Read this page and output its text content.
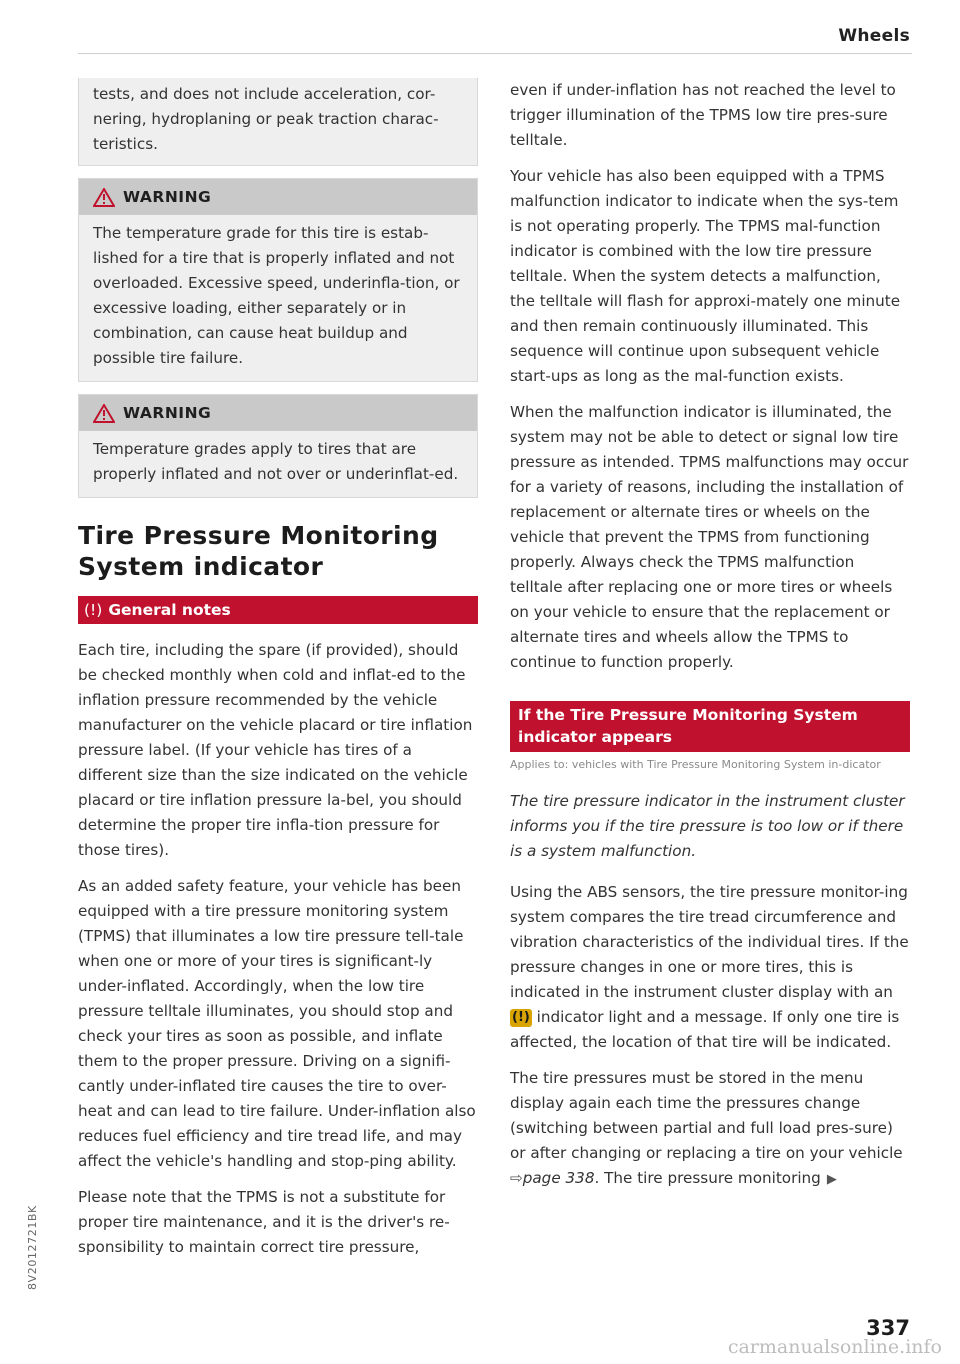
Wheels

tests, and does not include acceleration, cor-nering, hydroplaning or peak traction charac-teristics.

WARNING

The temperature grade for this tire is estab-lished for a tire that is properly inflated and not overloaded. Excessive speed, underinfla-tion, or excessive loading, either separately or in combination, can cause heat buildup and possible tire failure.

WARNING

Temperature grades apply to tires that are properly inflated and not over or underinflat-ed.

Tire Pressure Monitoring System indicator
(!) General notes

Each tire, including the spare (if provided), should be checked monthly when cold and inflat-ed to the inflation pressure recommended by the vehicle manufacturer on the vehicle placard or tire inflation pressure label. (If your vehicle has tires of a different size than the size indicated on the vehicle placard or tire inflation pressure la-bel, you should determine the proper tire infla-tion pressure for those tires).

As an added safety feature, your vehicle has been equipped with a tire pressure monitoring system (TPMS) that illuminates a low tire pressure tell-tale when one or more of your tires is significant-ly under-inflated. Accordingly, when the low tire pressure telltale illuminates, you should stop and check your tires as soon as possible, and inflate them to the proper pressure. Driving on a signifi-cantly under-inflated tire causes the tire to over-heat and can lead to tire failure. Under-inflation also reduces fuel efficiency and tire tread life, and may affect the vehicle's handling and stop-ping ability.

Please note that the TPMS is not a substitute for proper tire maintenance, and it is the driver's re-sponsibility to maintain correct tire pressure,

even if under-inflation has not reached the level to trigger illumination of the TPMS low tire pres-sure telltale.

Your vehicle has also been equipped with a TPMS malfunction indicator to indicate when the sys-tem is not operating properly. The TPMS mal-function indicator is combined with the low tire pressure telltale. When the system detects a malfunction, the telltale will flash for approxi-mately one minute and then remain continuously illuminated. This sequence will continue upon subsequent vehicle start-ups as long as the mal-function exists.

When the malfunction indicator is illuminated, the system may not be able to detect or signal low tire pressure as intended. TPMS malfunctions may occur for a variety of reasons, including the installation of replacement or alternate tires or wheels on the vehicle that prevent the TPMS from functioning properly. Always check the TPMS malfunction telltale after replacing one or more tires or wheels on your vehicle to ensure that the replacement or alternate tires and wheels allow the TPMS to continue to function properly.

If the Tire Pressure Monitoring System indicator appears
Applies to: vehicles with Tire Pressure Monitoring System in-dicator

The tire pressure indicator in the instrument cluster informs you if the tire pressure is too low or if there is a system malfunction.

Using the ABS sensors, the tire pressure monitor-ing system compares the tire tread circumference and vibration characteristics of the individual tires. If the pressure changes in one or more tires, this is indicated in the instrument cluster display with an (!) indicator light and a message. If only one tire is affected, the location of that tire will be indicated.

The tire pressures must be stored in the menu display again each time the pressures change (switching between partial and full load pres-sure) or after changing or replacing a tire on your vehicle ⇨page 338. The tire pressure monitoring ▶

8V2012721BK
337
carmanualsonline.info
